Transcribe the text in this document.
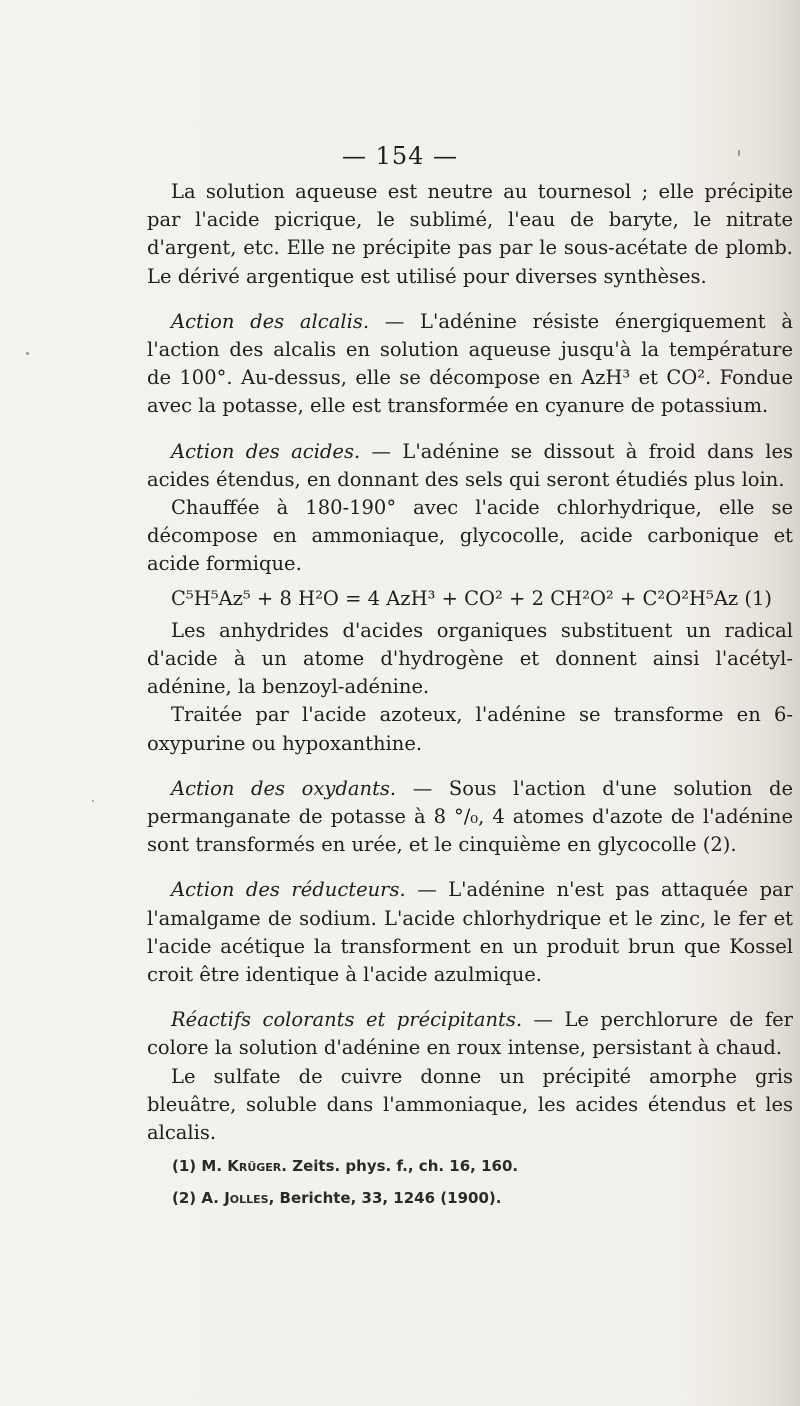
— 154 —

La solution aqueuse est neutre au tournesol ; elle précipite par l'acide picrique, le sublimé, l'eau de baryte, le nitrate d'argent, etc. Elle ne précipite pas par le sous-acétate de plomb. Le dérivé argentique est utilisé pour diverses synthèses.

Action des alcalis. — L'adénine résiste énergiquement à l'action des alcalis en solution aqueuse jusqu'à la température de 100°. Au-dessus, elle se décompose en AzH³ et CO². Fondue avec la potasse, elle est transformée en cyanure de potassium.

Action des acides. — L'adénine se dissout à froid dans les acides étendus, en donnant des sels qui seront étudiés plus loin.

Chauffée à 180-190° avec l'acide chlorhydrique, elle se décompose en ammoniaque, glycocolle, acide carbonique et acide formique.

C⁵H⁵Az⁵ + 8 H²O = 4 AzH³ + CO² + 2 CH²O² + C²O²H⁵Az (1)

Les anhydrides d'acides organiques substituent un radical d'acide à un atome d'hydrogène et donnent ainsi l'acétyl-adénine, la benzoyl-adénine.

Traitée par l'acide azoteux, l'adénine se transforme en 6-oxypurine ou hypoxanthine.

Action des oxydants. — Sous l'action d'une solution de permanganate de potasse à 8 °/₀, 4 atomes d'azote de l'adénine sont transformés en urée, et le cinquième en glycocolle (2).

Action des réducteurs. — L'adénine n'est pas attaquée par l'amalgame de sodium. L'acide chlorhydrique et le zinc, le fer et l'acide acétique la transforment en un produit brun que Kossel croit être identique à l'acide azulmique.

Réactifs colorants et précipitants. — Le perchlorure de fer colore la solution d'adénine en roux intense, persistant à chaud.

Le sulfate de cuivre donne un précipité amorphe gris bleuâtre, soluble dans l'ammoniaque, les acides étendus et les alcalis.

(1) M. Krüger. Zeits. phys. f., ch. 16, 160.

(2) A. Jolles, Berichte, 33, 1246 (1900).
